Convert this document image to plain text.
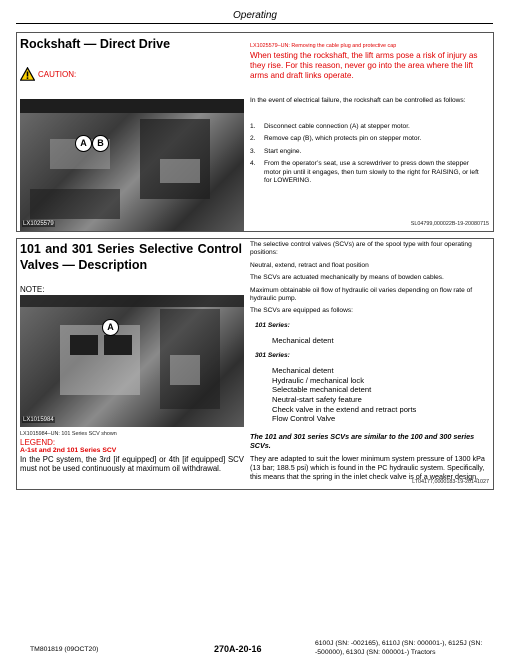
Operating
Rockshaft — Direct Drive
CAUTION:
LX1025579–UN: Removing the cable plug and protective cap
When testing the rockshaft, the lift arms pose a risk of injury as they rise. For this reason, never go into the area where the lift arms and draft links operate.
A	B
LX1025579
In the event of electrical failure, the rockshaft can be controlled as follows:
1. Disconnect cable connection (A) at stepper motor.
2. Remove cap (B), which protects pin on stepper motor.
3. Start engine.
4. From the operator’s seat, use a screwdriver to press down the stepper motor pin until it engages, then turn slowly to the right for RAISING, or left for LOWERING.
SL04799,000022B-19-20080715
101 and 301 Series Selective Control Valves — Description
NOTE:
A
LX1015984
LX1015984–UN: 101 Series SCV shown
LEGEND:
A-1st and 2nd 101 Series SCV
In the PC system, the 3rd [if equipped] or 4th [if equipped] SCV must not be used continuously at maximum oil withdrawal.
The selective control valves (SCVs) are of the spool type with four operating positions:
Neutral, extend, retract and float position
The SCVs are actuated mechanically by means of bowden cables.
Maximum obtainable oil flow of hydraulic oil varies depending on flow rate of hydraulic pump.
The SCVs are equipped as follows:
101 Series:
Mechanical detent
301 Series:
Mechanical detent
Hydraulic / mechanical lock
Selectable mechanical detent
Neutral-start safety feature
Check valve in the extend and retract ports
Flow Control Valve
The 101 and 301 series SCVs are similar to the 100 and 300 series SCVs.
They are adapted to suit the lower minimum system pressure of 1300 kPa (13 bar; 188.5 psi) which is found in the PC hydraulic system. Specifically, this means that the spring in the inlet check valve is of a weaker design.
LT04177,0000183-19-20141027
TM801819 (09OCT20)	270A-20-16
6100J (SN: -002165), 6110J (SN: 000001-), 6125J (SN: -500000), 6130J (SN: 000001-) Tractors
